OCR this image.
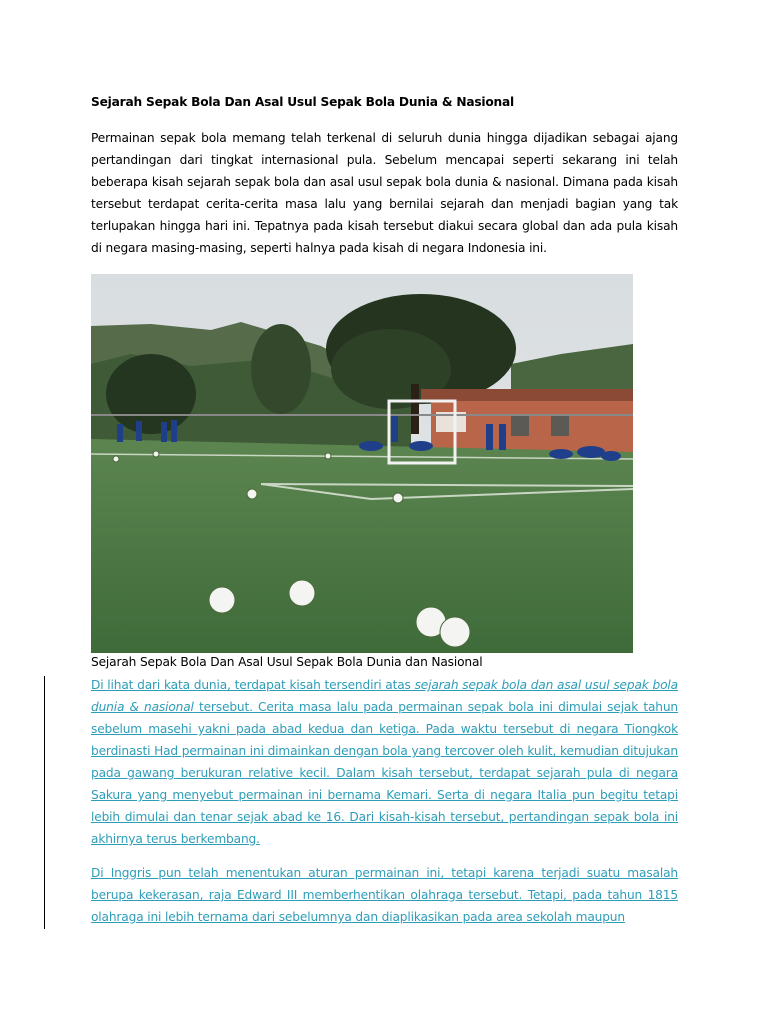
Sejarah Sepak Bola Dan Asal Usul Sepak Bola Dunia & Nasional
Permainan sepak bola memang telah terkenal di seluruh dunia hingga dijadikan sebagai ajang pertandingan dari tingkat internasional pula. Sebelum mencapai seperti sekarang ini telah beberapa kisah sejarah sepak bola dan asal usul sepak bola dunia & nasional. Dimana pada kisah tersebut terdapat cerita-cerita masa lalu yang bernilai sejarah dan menjadi bagian yang tak terlupakan hingga hari ini. Tepatnya pada kisah tersebut diakui secara global dan ada pula kisah di negara masing-masing, seperti halnya pada kisah di negara Indonesia ini.
Sejarah Sepak Bola Dan Asal Usul Sepak Bola Dunia dan Nasional
Di lihat dari kata dunia, terdapat kisah tersendiri atas sejarah sepak bola dan asal usul sepak bola dunia & nasional tersebut. Cerita masa lalu pada permainan sepak bola ini dimulai sejak tahun sebelum masehi yakni pada abad kedua dan ketiga. Pada waktu tersebut di negara Tiongkok berdinasti Had permainan ini dimainkan dengan bola yang tercover oleh kulit, kemudian ditujukan pada gawang berukuran relative kecil. Dalam kisah tersebut, terdapat sejarah pula di negara Sakura yang menyebut permainan ini bernama Kemari. Serta di negara Italia pun begitu tetapi lebih dimulai dan tenar sejak abad ke 16. Dari kisah-kisah tersebut, pertandingan sepak bola ini akhirnya terus berkembang.
Di Inggris pun telah menentukan aturan permainan ini, tetapi karena terjadi suatu masalah berupa kekerasan, raja Edward III memberhentikan olahraga tersebut. Tetapi, pada tahun 1815 olahraga ini lebih ternama dari sebelumnya dan diaplikasikan pada area sekolah maupun
